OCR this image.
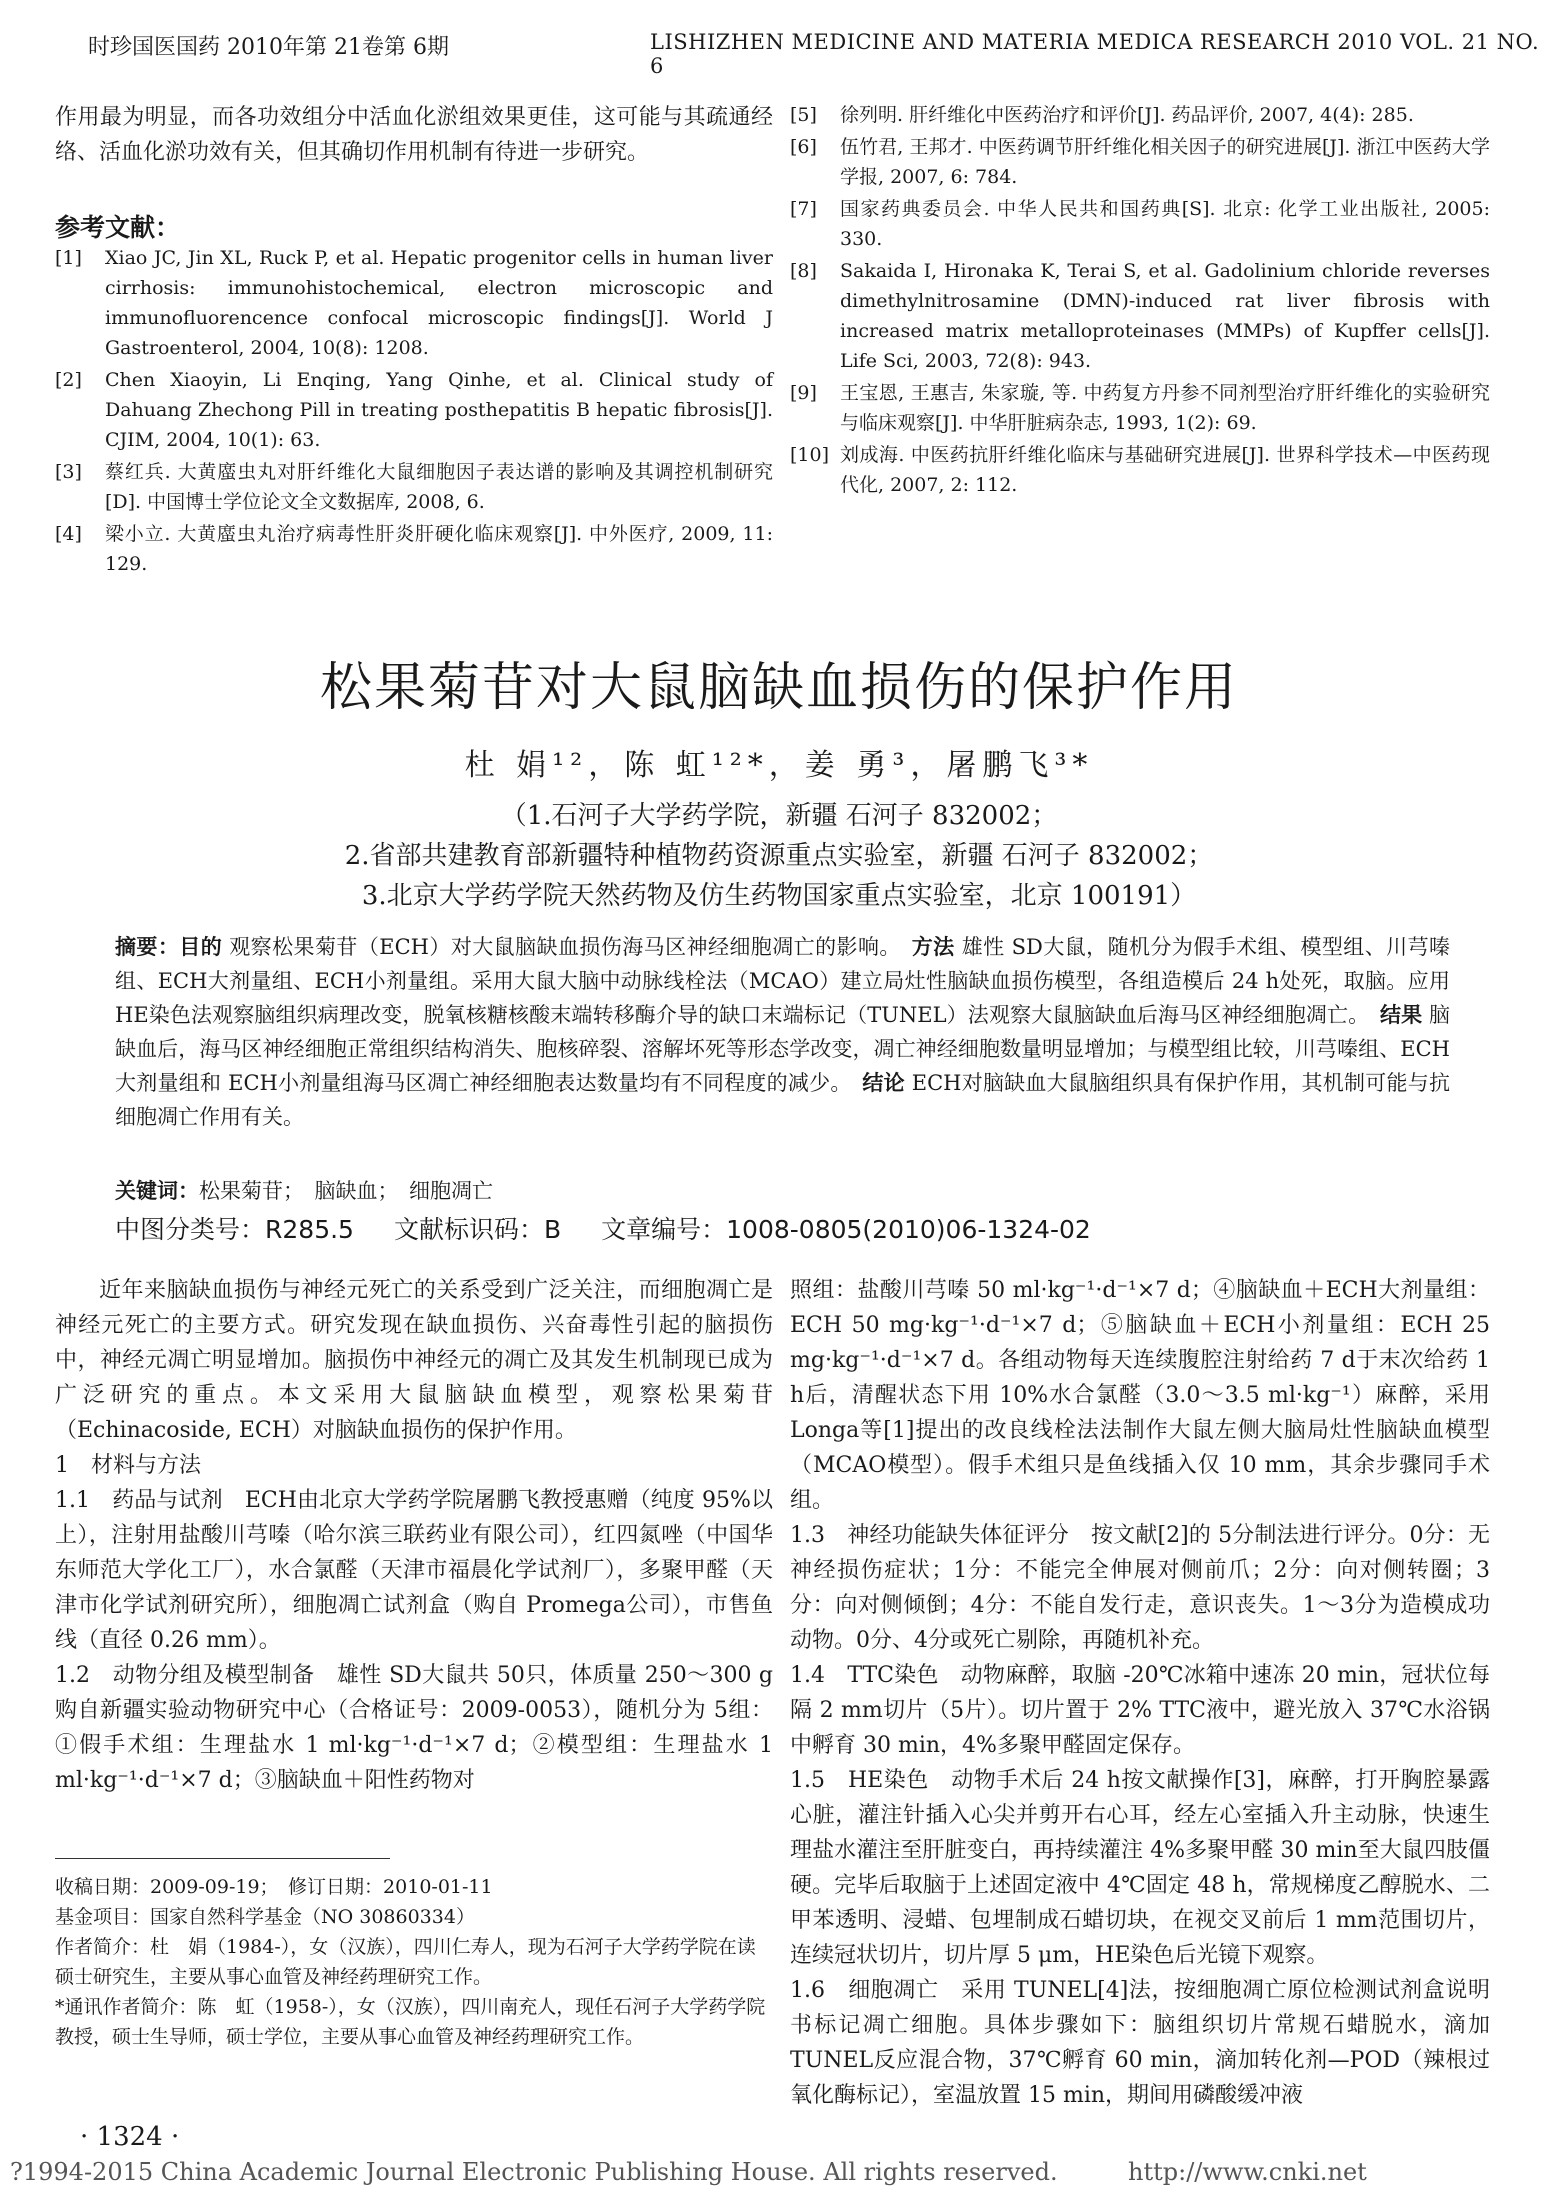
时珍国医国药 2010年第 21卷第 6期	LISHIZHEN MEDICINE AND MATERIA MEDICA RESEARCH 2010 VOL. 21 NO. 6

作用最为明显，而各功效组分中活血化淤组效果更佳，这可能与其疏通经络、活血化淤功效有关，但其确切作用机制有待进一步研究。

参考文献：
[1]	Xiao JC, Jin XL, Ruck P, et al. Hepatic progenitor cells in human liver cirrhosis: immunohistochemical, electron microscopic and immunofluorencence confocal microscopic findings[J]. World J Gastroenterol, 2004, 10(8): 1208.
[2]	Chen Xiaoyin, Li Enqing, Yang Qinhe, et al. Clinical study of Dahuang Zhechong Pill in treating posthepatitis B hepatic fibrosis[J]. CJIM, 2004, 10(1): 63.
[3]	蔡红兵. 大黄䗪虫丸对肝纤维化大鼠细胞因子表达谱的影响及其调控机制研究[D]. 中国博士学位论文全文数据库, 2008, 6.
[4]	梁小立. 大黄䗪虫丸治疗病毒性肝炎肝硬化临床观察[J]. 中外医疗, 2009, 11: 129.
[5]	徐列明. 肝纤维化中医药治疗和评价[J]. 药品评价, 2007, 4(4): 285.
[6]	伍竹君, 王邦才. 中医药调节肝纤维化相关因子的研究进展[J]. 浙江中医药大学学报, 2007, 6: 784.
[7]	国家药典委员会. 中华人民共和国药典[S]. 北京: 化学工业出版社, 2005: 330.
[8]	Sakaida I, Hironaka K, Terai S, et al. Gadolinium chloride reverses dimethylnitrosamine (DMN)-induced rat liver fibrosis with increased matrix metalloproteinases (MMPs) of Kupffer cells[J]. Life Sci, 2003, 72(8): 943.
[9]	王宝恩, 王惠吉, 朱家璇, 等. 中药复方丹参不同剂型治疗肝纤维化的实验研究与临床观察[J]. 中华肝脏病杂志, 1993, 1(2): 69.
[10] 刘成海. 中医药抗肝纤维化临床与基础研究进展[J]. 世界科学技术—中医药现代化, 2007, 2: 112.
松果菊苷对大鼠脑缺血损伤的保护作用
杜 娟¹²，陈 虹¹²*，姜 勇³，屠鹏飞³*
（1.石河子大学药学院，新疆 石河子 832002；
2.省部共建教育部新疆特种植物药资源重点实验室，新疆 石河子 832002；
3.北京大学药学院天然药物及仿生药物国家重点实验室，北京 100191）
摘要：目的 观察松果菊苷（ECH）对大鼠脑缺血损伤海马区神经细胞凋亡的影响。　 方法 雄性 SD大鼠，随机分为假手术组、模型组、川芎嗪组、ECH大剂量组、ECH小剂量组。采用大鼠大脑中动脉线栓法（MCAO）建立局灶性脑缺血损伤模型，各组造模后 24 h处死，取脑。应用 HE染色法观察脑组织病理改变，脱氧核糖核酸末端转移酶介导的缺口末端标记（TUNEL）法观察大鼠脑缺血后海马区神经细胞凋亡。　 结果 脑缺血后，海马区神经细胞正常组织结构消失、胞核碎裂、溶解坏死等形态学改变，凋亡神经细胞数量明显增加；与模型组比较，川芎嗪组、ECH大剂量组和 ECH小剂量组海马区凋亡神经细胞表达数量均有不同程度的减少。　 结论 ECH对脑缺血大鼠脑组织具有保护作用，其机制可能与抗细胞凋亡作用有关。
关键词：松果菊苷；　脑缺血；　细胞凋亡
中图分类号：R285.5 文献标识码：B 文章编号：1008-0805(2010)06-1324-02

近年来脑缺血损伤与神经元死亡的关系受到广泛关注，而细胞凋亡是神经元死亡的主要方式。研究发现在缺血损伤、兴奋毒性引起的脑损伤中，神经元凋亡明显增加。脑损伤中神经元的凋亡及其发生机制现已成为广泛研究的重点。本文采用大鼠脑缺血模型，观察松果菊苷（Echinacoside, ECH）对脑缺血损伤的保护作用。

1　材料与方法

1.1　药品与试剂　ECH由北京大学药学院屠鹏飞教授惠赠（纯度 95%以上），注射用盐酸川芎嗪（哈尔滨三联药业有限公司），红四氮唑（中国华东师范大学化工厂），水合氯醛（天津市福晨化学试剂厂），多聚甲醛（天津市化学试剂研究所），细胞凋亡试剂盒（购自 Promega公司），市售鱼线（直径 0.26 mm）。

1.2　动物分组及模型制备　雄性 SD大鼠共 50只，体质量 250～300 g购自新疆实验动物研究中心（合格证号：2009-0053），随机分为 5组：①假手术组：生理盐水 1 ml·kg⁻¹·d⁻¹×7 d；②模型组：生理盐水 1 ml·kg⁻¹·d⁻¹×7 d；③脑缺血＋阳性药物对

照组：盐酸川芎嗪 50 ml·kg⁻¹·d⁻¹×7 d；④脑缺血＋ECH大剂量组：ECH 50 mg·kg⁻¹·d⁻¹×7 d；⑤脑缺血＋ECH小剂量组：ECH 25 mg·kg⁻¹·d⁻¹×7 d。各组动物每天连续腹腔注射给药 7 d于末次给药 1 h后，清醒状态下用 10%水合氯醛（3.0～3.5 ml·kg⁻¹）麻醉，采用 Longa等[1]提出的改良线栓法法制作大鼠左侧大脑局灶性脑缺血模型（MCAO模型）。假手术组只是鱼线插入仅 10 mm，其余步骤同手术组。

1.3　神经功能缺失体征评分　按文献[2]的 5分制法进行评分。0分：无神经损伤症状；1分：不能完全伸展对侧前爪；2分：向对侧转圈；3分：向对侧倾倒；4分：不能自发行走，意识丧失。1～3分为造模成功动物。0分、4分或死亡剔除，再随机补充。

1.4　TTC染色　动物麻醉，取脑 -20℃冰箱中速冻 20 min，冠状位每隔 2 mm切片（5片）。切片置于 2% TTC液中，避光放入 37℃水浴锅中孵育 30 min，4%多聚甲醛固定保存。

1.5　HE染色　动物手术后 24 h按文献操作[3]，麻醉，打开胸腔暴露心脏，灌注针插入心尖并剪开右心耳，经左心室插入升主动脉，快速生理盐水灌注至肝脏变白，再持续灌注 4%多聚甲醛 30 min至大鼠四肢僵硬。完毕后取脑于上述固定液中 4℃固定 48 h，常规梯度乙醇脱水、二甲苯透明、浸蜡、包埋制成石蜡切块，在视交叉前后 1 mm范围切片，连续冠状切片，切片厚 5 μm，HE染色后光镜下观察。

1.6　细胞凋亡　采用 TUNEL[4]法，按细胞凋亡原位检测试剂盒说明书标记凋亡细胞。具体步骤如下：脑组织切片常规石蜡脱水，滴加 TUNEL反应混合物，37℃孵育 60 min，滴加转化剂—POD（辣根过氧化酶标记），室温放置 15 min，期间用磷酸缓冲液

收稿日期：2009-09-19；　修订日期：2010-01-11

基金项目：国家自然科学基金（NO 30860334）

作者简介：杜　娟（1984-），女（汉族），四川仁寿人，现为石河子大学药学院在读硕士研究生，主要从事心血管及神经药理研究工作。

*通讯作者简介：陈　虹（1958-），女（汉族），四川南充人，现任石河子大学药学院教授，硕士生导师，硕士学位，主要从事心血管及神经药理研究工作。

· 1324 ·
?1994-2015 China Academic Journal Electronic Publishing House. All rights reserved.	http://www.cnki.net
